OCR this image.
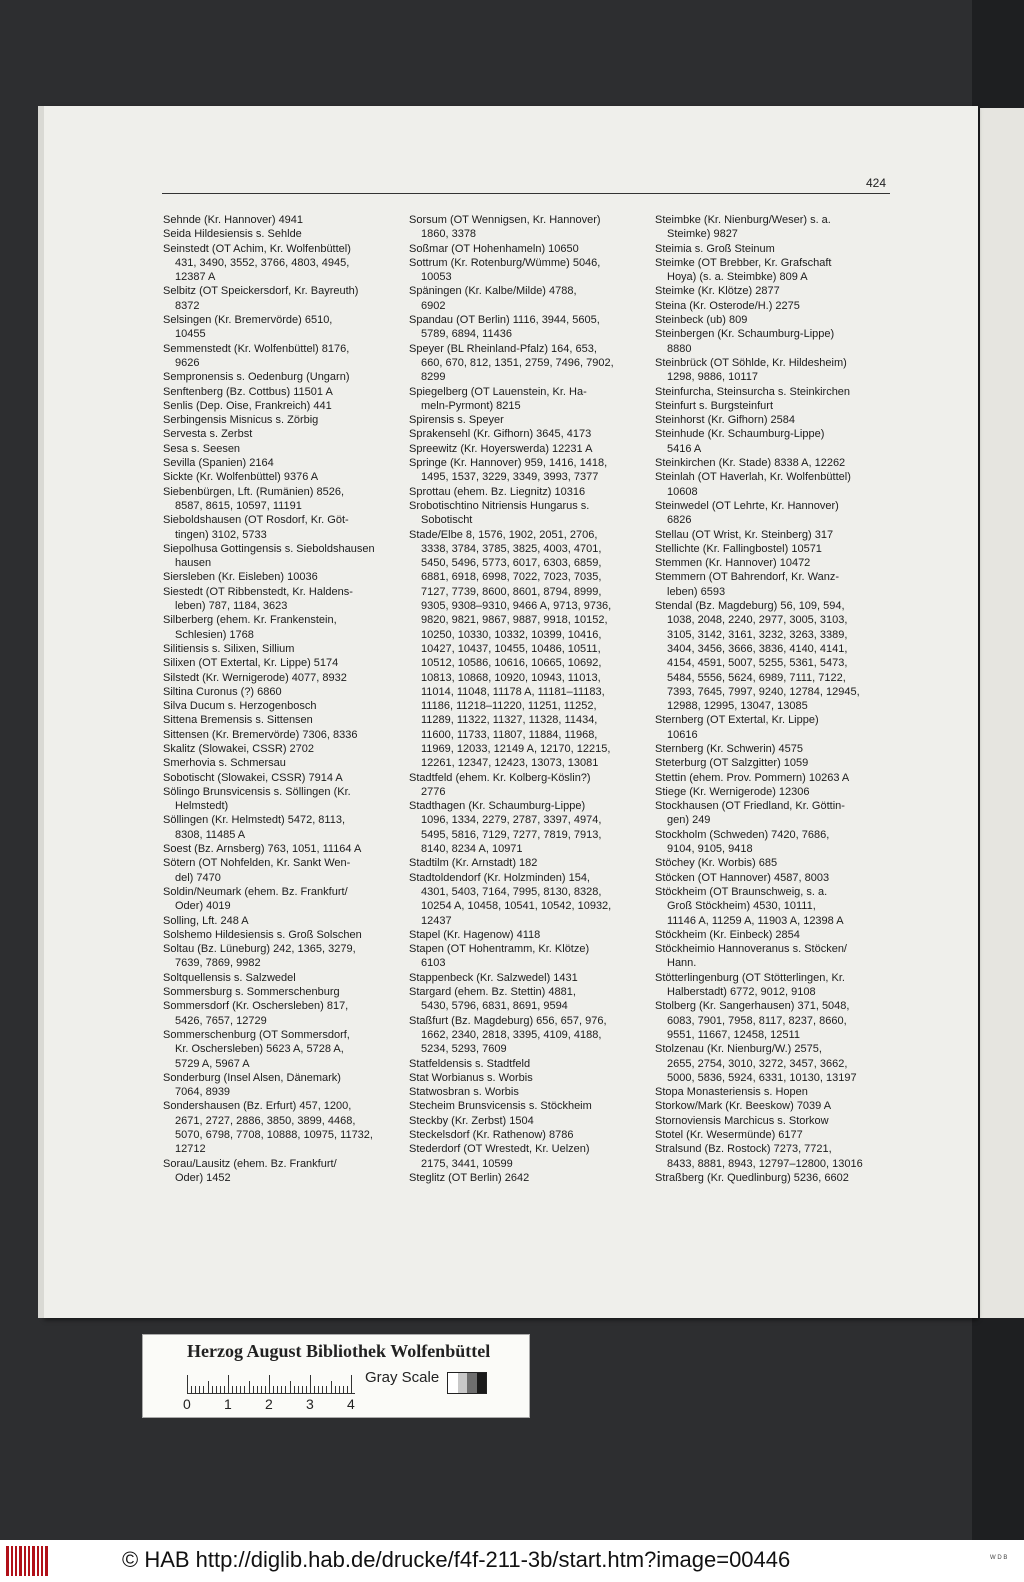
424
Sehnde (Kr. Hannover) 4941
Seida Hildesiensis s. Sehlde
Seinstedt (OT Achim, Kr. Wolfenbüttel)
431, 3490, 3552, 3766, 4803, 4945,
12387 A
Selbitz (OT Speickersdorf, Kr. Bayreuth)
8372
Selsingen (Kr. Bremervörde) 6510,
10455
Semmenstedt (Kr. Wolfenbüttel) 8176,
9626
Sempronensis s. Oedenburg (Ungarn)
Senftenberg (Bz. Cottbus) 11501 A
Senlis (Dep. Oise, Frankreich) 441
Serbingensis Misnicus s. Zörbig
Servesta s. Zerbst
Sesa s. Seesen
Sevilla (Spanien) 2164
Sickte (Kr. Wolfenbüttel) 9376 A
Siebenbürgen, Lft. (Rumänien) 8526,
8587, 8615, 10597, 11191
Sieboldshausen (OT Rosdorf, Kr. Göt-
tingen) 3102, 5733
Siepolhusa Gottingensis s. Sieboldshausen
hausen
Siersleben (Kr. Eisleben) 10036
Siestedt (OT Ribbenstedt, Kr. Haldens-
leben) 787, 1184, 3623
Silberberg (ehem. Kr. Frankenstein,
Schlesien) 1768
Silitiensis s. Silixen, Sillium
Silixen (OT Extertal, Kr. Lippe) 5174
Silstedt (Kr. Wernigerode) 4077, 8932
Siltina Curonus (?) 6860
Silva Ducum s. Herzogenbosch
Sittena Bremensis s. Sittensen
Sittensen (Kr. Bremervörde) 7306, 8336
Skalitz (Slowakei, CSSR) 2702
Smerhovia s. Schmersau
Sobotischt (Slowakei, CSSR) 7914 A
Sölingo Brunsvicensis s. Söllingen (Kr.
Helmstedt)
Söllingen (Kr. Helmstedt) 5472, 8113,
8308, 11485 A
Soest (Bz. Arnsberg) 763, 1051, 11164 A
Sötern (OT Nohfelden, Kr. Sankt Wen-
del) 7470
Soldin/Neumark (ehem. Bz. Frankfurt/
Oder) 4019
Solling, Lft. 248 A
Solshemo Hildesiensis s. Groß Solschen
Soltau (Bz. Lüneburg) 242, 1365, 3279,
7639, 7869, 9982
Soltquellensis s. Salzwedel
Sommersburg s. Sommerschenburg
Sommersdorf (Kr. Oschersleben) 817,
5426, 7657, 12729
Sommerschenburg (OT Sommersdorf,
Kr. Oschersleben) 5623 A, 5728 A,
5729 A, 5967 A
Sonderburg (Insel Alsen, Dänemark)
7064, 8939
Sondershausen (Bz. Erfurt) 457, 1200,
2671, 2727, 2886, 3850, 3899, 4468,
5070, 6798, 7708, 10888, 10975, 11732,
12712
Sorau/Lausitz (ehem. Bz. Frankfurt/
Oder) 1452
Sorsum (OT Wennigsen, Kr. Hannover)
1860, 3378
Soßmar (OT Hohenhameln) 10650
Sottrum (Kr. Rotenburg/Wümme) 5046,
10053
Späningen (Kr. Kalbe/Milde) 4788,
6902
Spandau (OT Berlin) 1116, 3944, 5605,
5789, 6894, 11436
Speyer (BL Rheinland-Pfalz) 164, 653,
660, 670, 812, 1351, 2759, 7496, 7902,
8299
Spiegelberg (OT Lauenstein, Kr. Ha-
meln-Pyrmont) 8215
Spirensis s. Speyer
Sprakensehl (Kr. Gifhorn) 3645, 4173
Spreewitz (Kr. Hoyerswerda) 12231 A
Springe (Kr. Hannover) 959, 1416, 1418,
1495, 1537, 3229, 3349, 3993, 7377
Sprottau (ehem. Bz. Liegnitz) 10316
Srobotischtino Nitriensis Hungarus s.
Sobotischt
Stade/Elbe 8, 1576, 1902, 2051, 2706,
3338, 3784, 3785, 3825, 4003, 4701,
5450, 5496, 5773, 6017, 6303, 6859,
6881, 6918, 6998, 7022, 7023, 7035,
7127, 7739, 8600, 8601, 8794, 8999,
9305, 9308–9310, 9466 A, 9713, 9736,
9820, 9821, 9867, 9887, 9918, 10152,
10250, 10330, 10332, 10399, 10416,
10427, 10437, 10455, 10486, 10511,
10512, 10586, 10616, 10665, 10692,
10813, 10868, 10920, 10943, 11013,
11014, 11048, 11178 A, 11181–11183,
11186, 11218–11220, 11251, 11252,
11289, 11322, 11327, 11328, 11434,
11600, 11733, 11807, 11884, 11968,
11969, 12033, 12149 A, 12170, 12215,
12261, 12347, 12423, 13073, 13081
Stadtfeld (ehem. Kr. Kolberg-Köslin?)
2776
Stadthagen (Kr. Schaumburg-Lippe)
1096, 1334, 2279, 2787, 3397, 4974,
5495, 5816, 7129, 7277, 7819, 7913,
8140, 8234 A, 10971
Stadtilm (Kr. Arnstadt) 182
Stadtoldendorf (Kr. Holzminden) 154,
4301, 5403, 7164, 7995, 8130, 8328,
10254 A, 10458, 10541, 10542, 10932,
12437
Stapel (Kr. Hagenow) 4118
Stapen (OT Hohentramm, Kr. Klötze)
6103
Stappenbeck (Kr. Salzwedel) 1431
Stargard (ehem. Bz. Stettin) 4881,
5430, 5796, 6831, 8691, 9594
Staßfurt (Bz. Magdeburg) 656, 657, 976,
1662, 2340, 2818, 3395, 4109, 4188,
5234, 5293, 7609
Statfeldensis s. Stadtfeld
Stat Worbianus s. Worbis
Statwosbran s. Worbis
Stecheim Brunsvicensis s. Stöckheim
Steckby (Kr. Zerbst) 1504
Steckelsdorf (Kr. Rathenow) 8786
Stederdorf (OT Wrestedt, Kr. Uelzen)
2175, 3441, 10599
Steglitz (OT Berlin) 2642
Steimbke (Kr. Nienburg/Weser) s. a.
Steimke) 9827
Steimia s. Groß Steinum
Steimke (OT Brebber, Kr. Grafschaft
Hoya) (s. a. Steimbke) 809 A
Steimke (Kr. Klötze) 2877
Steina (Kr. Osterode/H.) 2275
Steinbeck (ub) 809
Steinbergen (Kr. Schaumburg-Lippe)
8880
Steinbrück (OT Söhlde, Kr. Hildesheim)
1298, 9886, 10117
Steinfurcha, Steinsurcha s. Steinkirchen
Steinfurt s. Burgsteinfurt
Steinhorst (Kr. Gifhorn) 2584
Steinhude (Kr. Schaumburg-Lippe)
5416 A
Steinkirchen (Kr. Stade) 8338 A, 12262
Steinlah (OT Haverlah, Kr. Wolfenbüttel)
10608
Steinwedel (OT Lehrte, Kr. Hannover)
6826
Stellau (OT Wrist, Kr. Steinberg) 317
Stellichte (Kr. Fallingbostel) 10571
Stemmen (Kr. Hannover) 10472
Stemmern (OT Bahrendorf, Kr. Wanz-
leben) 6593
Stendal (Bz. Magdeburg) 56, 109, 594,
1038, 2048, 2240, 2977, 3005, 3103,
3105, 3142, 3161, 3232, 3263, 3389,
3404, 3456, 3666, 3836, 4140, 4141,
4154, 4591, 5007, 5255, 5361, 5473,
5484, 5556, 5624, 6989, 7111, 7122,
7393, 7645, 7997, 9240, 12784, 12945,
12988, 12995, 13047, 13085
Sternberg (OT Extertal, Kr. Lippe)
10616
Sternberg (Kr. Schwerin) 4575
Steterburg (OT Salzgitter) 1059
Stettin (ehem. Prov. Pommern) 10263 A
Stiege (Kr. Wernigerode) 12306
Stockhausen (OT Friedland, Kr. Göttin-
gen) 249
Stockholm (Schweden) 7420, 7686,
9104, 9105, 9418
Stöchey (Kr. Worbis) 685
Stöcken (OT Hannover) 4587, 8003
Stöckheim (OT Braunschweig, s. a.
Groß Stöckheim) 4530, 10111,
11146 A, 11259 A, 11903 A, 12398 A
Stöckheim (Kr. Einbeck) 2854
Stöckheimio Hannoveranus s. Stöcken/
Hann.
Stötterlingenburg (OT Stötterlingen, Kr.
Halberstadt) 6772, 9012, 9108
Stolberg (Kr. Sangerhausen) 371, 5048,
6083, 7901, 7958, 8117, 8237, 8660,
9551, 11667, 12458, 12511
Stolzenau (Kr. Nienburg/W.) 2575,
2655, 2754, 3010, 3272, 3457, 3662,
5000, 5836, 5924, 6331, 10130, 13197
Stopa Monasteriensis s. Hopen
Storkow/Mark (Kr. Beeskow) 7039 A
Stornoviensis Marchicus s. Storkow
Stotel (Kr. Wesermünde) 6177
Stralsund (Bz. Rostock) 7273, 7721,
8433, 8881, 8943, 12797–12800, 13016
Straßberg (Kr. Quedlinburg) 5236, 6602
Herzog August Bibliothek Wolfenbüttel
0 1 2 3 4
Gray Scale
© HAB http://diglib.hab.de/drucke/f4f-211-3b/start.htm?image=00446	W D B
